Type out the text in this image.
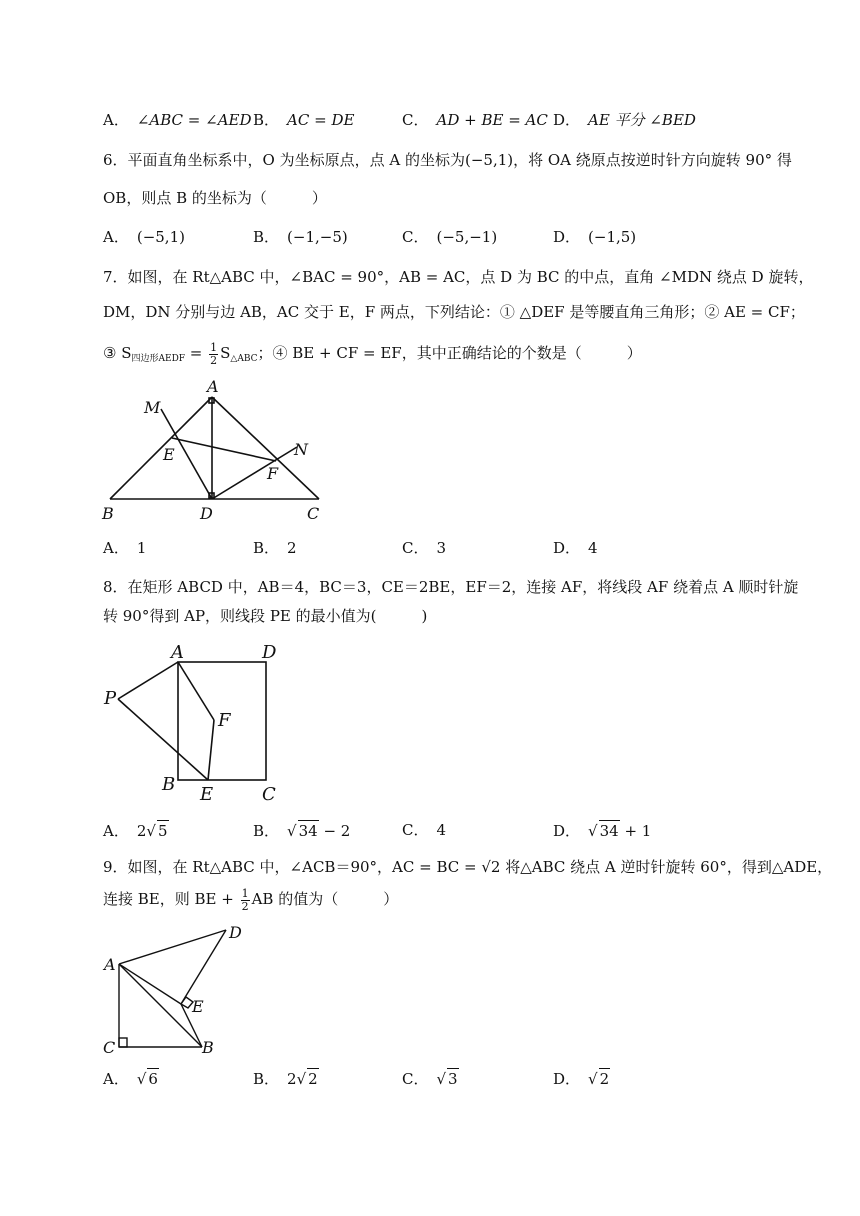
A． ∠ABC = ∠AED B． AC = DE	C． AD + BE = AC D． AE 平分 ∠BED
6．平面直角坐标系中，O 为坐标原点，点 A 的坐标为(−5,1)，将 OA 绕原点按逆时针方向旋转 90° 得
OB，则点 B 的坐标为（　　　）
A． (−5,1)	B． (−1,−5)	C． (−5,−1)	D． (−1,5)
7．如图，在 Rt△ABC 中，∠BAC = 90°，AB = AC，点 D 为 BC 的中点，直角 ∠MDN 绕点 D 旋转，
DM，DN 分别与边 AB，AC 交于 E，F 两点，下列结论：① △DEF 是等腰直角三角形；② AE = CF；
③ $S_{四边形AEDF} = \frac{1}{2} S_{\triangle ABC}$；④ BE + CF = EF，其中正确结论的个数是（　　　）
A
B	D	C
M
E
F
N
A． 1	B． 2	C． 3	D． 4
8．在矩形 ABCD 中，AB＝4，BC＝3，CE＝2BE，EF＝2，连接 AF，将线段 AF 绕着点 A 顺时针旋
转 90°得到 AP，则线段 PE 的最小值为(　　　)
A	D
P
F
B E	C
A． 2√ 5	B． √ 34 − 2	C． 4	D． √ 34 + 1
9．如图，在 Rt△ABC 中，∠ACB＝90°，AC = BC = √2 将△ABC 绕点 A 逆时针旋转 60°，得到△ADE，
连接 BE，则 BE + $\frac{1}{2}$ AB 的值为（　　　）
A
D
E
C	B
A． √ 6	B． 2√ 2	C． √ 3	D． √ 2
